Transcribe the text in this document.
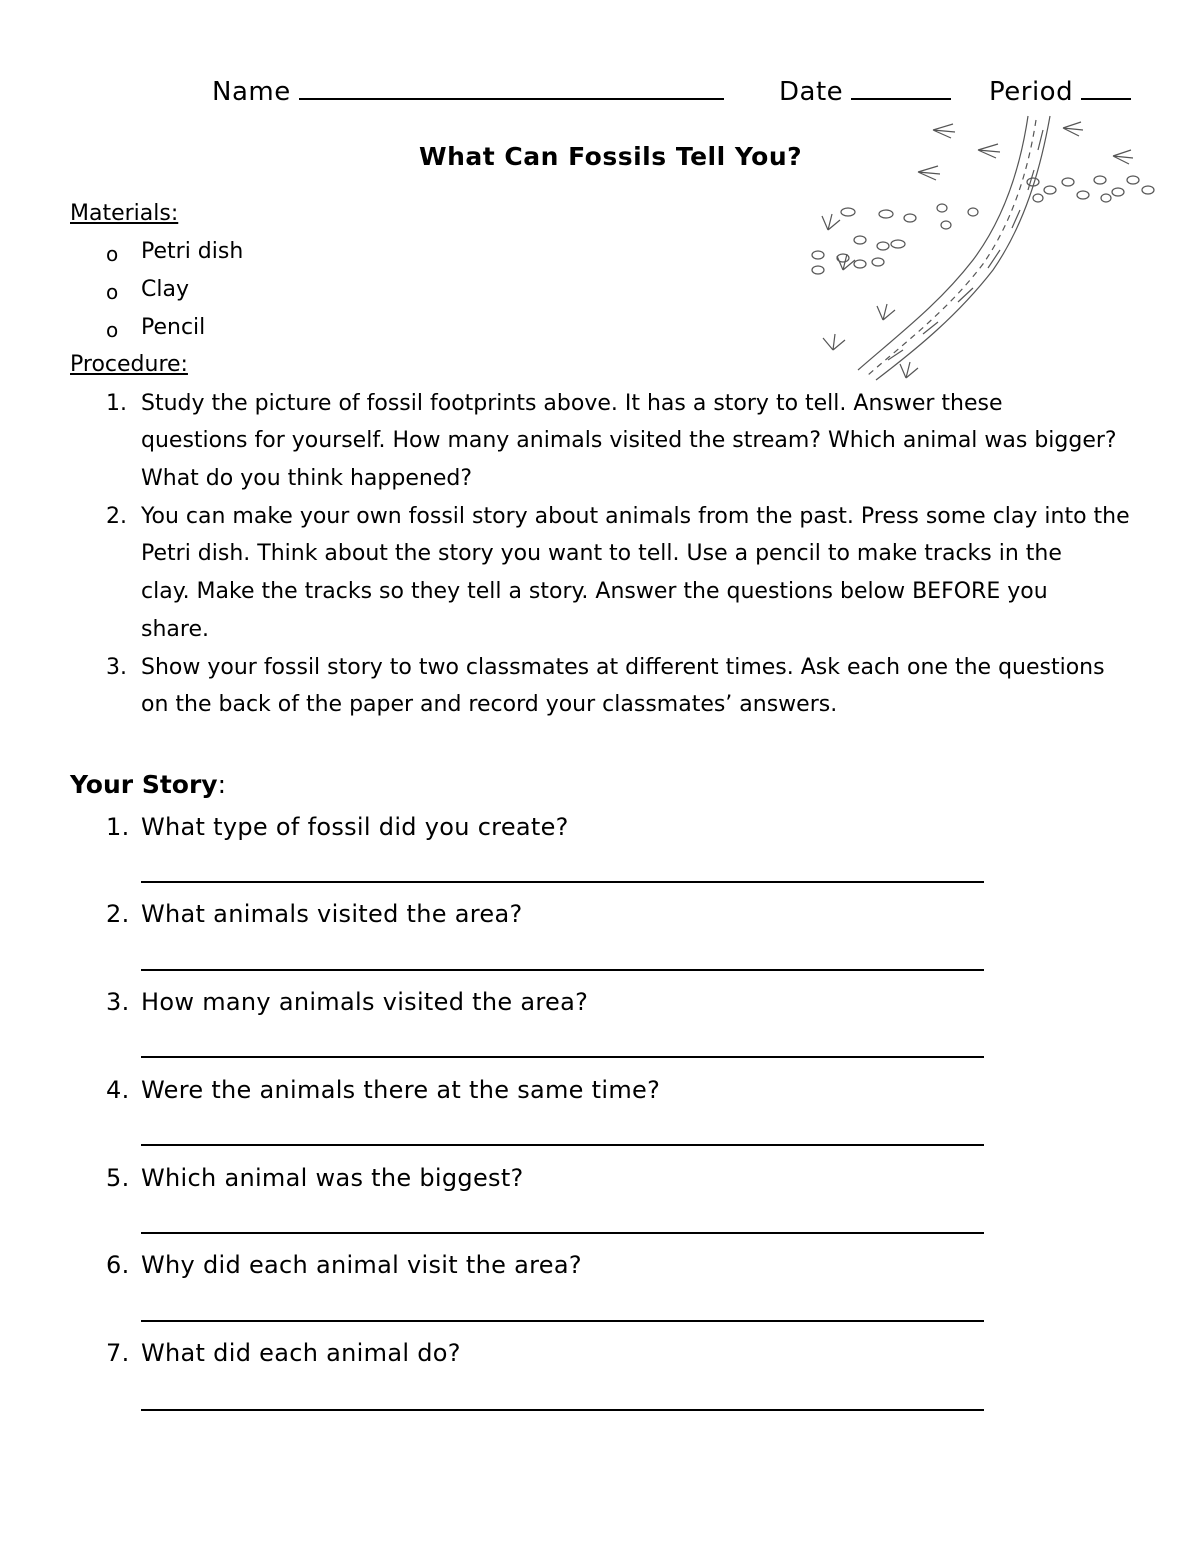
Name	Date	Period
What Can Fossils Tell You?
Materials:
o Petri dish
o Clay
o Pencil
Procedure:
1. Study the picture of fossil footprints above. It has a story to tell. Answer these
questions for yourself. How many animals visited the stream? Which animal was bigger?
What do you think happened?
2. You can make your own fossil story about animals from the past. Press some clay into the
Petri dish. Think about the story you want to tell. Use a pencil to make tracks in the
clay. Make the tracks so they tell a story. Answer the questions below BEFORE you
share.
3. Show your fossil story to two classmates at different times. Ask each one the questions
on the back of the paper and record your classmates’ answers.
Your Story:
1. What type of fossil did you create?
2. What animals visited the area?
3. How many animals visited the area?
4. Were the animals there at the same time?
5. Which animal was the biggest?
6. Why did each animal visit the area?
7. What did each animal do?
